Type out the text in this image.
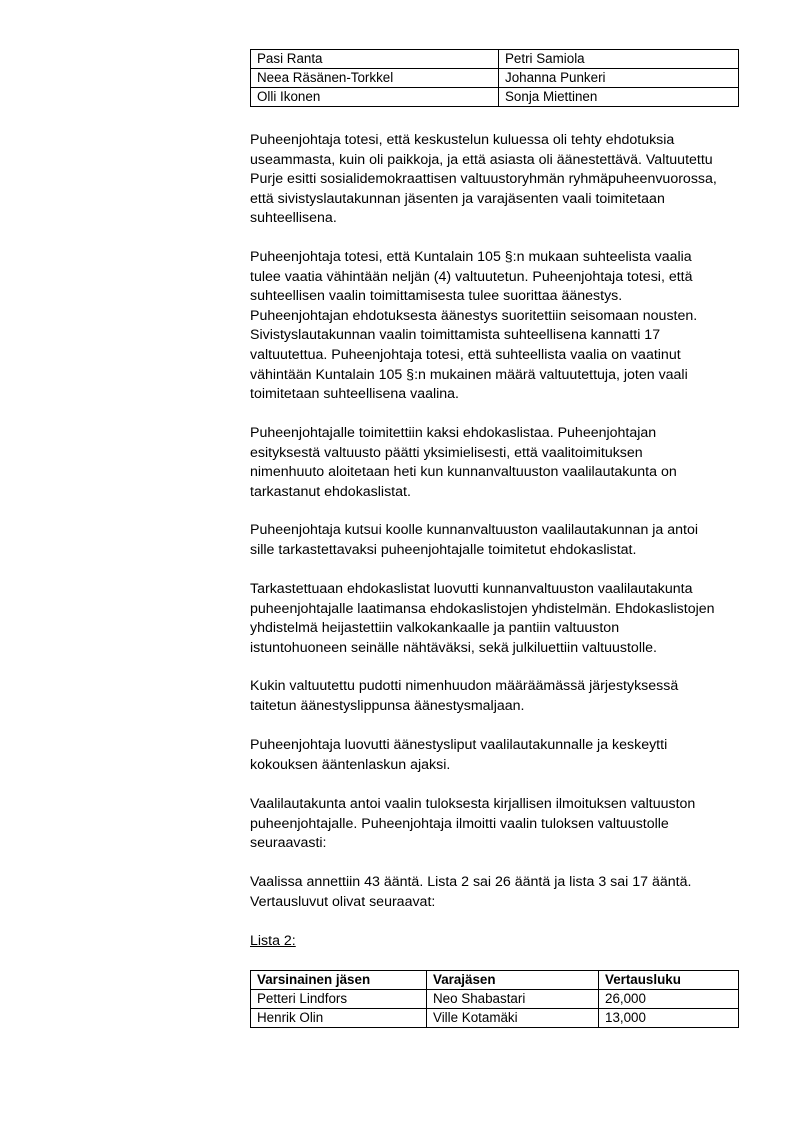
Pasi Ranta	Petri Samiola
Neea Räsänen-Torkkel	Johanna Punkeri
Olli Ikonen	Sonja Miettinen
Puheenjohtaja totesi, että keskustelun kuluessa oli tehty ehdotuksia
useammasta, kuin oli paikkoja, ja että asiasta oli äänestettävä. Valtuutettu
Purje esitti sosialidemokraattisen valtuustoryhmän ryhmäpuheenvuorossa,
että sivistyslautakunnan jäsenten ja varajäsenten vaali toimitetaan
suhteellisena.
Puheenjohtaja totesi, että Kuntalain 105 §:n mukaan suhteelista vaalia
tulee vaatia vähintään neljän (4) valtuutetun. Puheenjohtaja totesi, että
suhteellisen vaalin toimittamisesta tulee suorittaa äänestys.
Puheenjohtajan ehdotuksesta äänestys suoritettiin seisomaan nousten.
Sivistyslautakunnan vaalin toimittamista suhteellisena kannatti 17
valtuutettua. Puheenjohtaja totesi, että suhteellista vaalia on vaatinut
vähintään Kuntalain 105 §:n mukainen määrä valtuutettuja, joten vaali
toimitetaan suhteellisena vaalina.
Puheenjohtajalle toimitettiin kaksi ehdokaslistaa. Puheenjohtajan
esityksestä valtuusto päätti yksimielisesti, että vaalitoimituksen
nimenhuuto aloitetaan heti kun kunnanvaltuuston vaalilautakunta on
tarkastanut ehdokaslistat.
Puheenjohtaja kutsui koolle kunnanvaltuuston vaalilautakunnan ja antoi
sille tarkastettavaksi puheenjohtajalle toimitetut ehdokaslistat.
Tarkastettuaan ehdokaslistat luovutti kunnanvaltuuston vaalilautakunta
puheenjohtajalle laatimansa ehdokaslistojen yhdistelmän. Ehdokaslistojen
yhdistelmä heijastettiin valkokankaalle ja pantiin valtuuston
istuntohuoneen seinälle nähtäväksi, sekä julkiluettiin valtuustolle.
Kukin valtuutettu pudotti nimenhuudon määräämässä järjestyksessä
taitetun äänestyslippunsa äänestysmaljaan.
Puheenjohtaja luovutti äänestysliput vaalilautakunnalle ja keskeytti
kokouksen ääntenlaskun ajaksi.
Vaalilautakunta antoi vaalin tuloksesta kirjallisen ilmoituksen valtuuston
puheenjohtajalle. Puheenjohtaja ilmoitti vaalin tuloksen valtuustolle
seuraavasti:
Vaalissa annettiin 43 ääntä. Lista 2 sai 26 ääntä ja lista 3 sai 17 ääntä.
Vertausluvut olivat seuraavat:
Lista 2:
Varsinainen jäsen	Varajäsen	Vertausluku
Petteri Lindfors	Neo Shabastari	26,000
Henrik Olin	Ville Kotamäki	13,000
